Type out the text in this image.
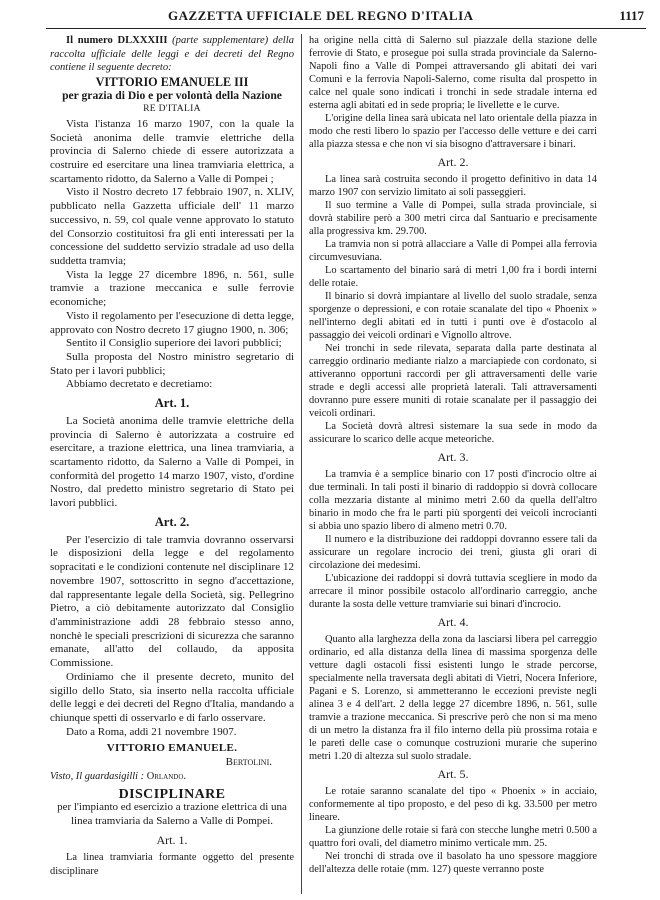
GAZZETTA UFFICIALE DEL REGNO D'ITALIA	1117

Il numero DLXXXIII (parte supplementare) della raccolta ufficiale delle leggi e dei decreti del Regno contiene il seguente decreto:

VITTORIO EMANUELE III

per grazia di Dio e per volontà della Nazione

RE D'ITALIA

Vista l'istanza 16 marzo 1907, con la quale la Società anonima delle tramvie elettriche della provincia di Salerno chiede di essere autorizzata a costruire ed esercitare una linea tramviaria elettrica, a scartamento ridotto, da Salerno a Valle di Pompei ;

Visto il Nostro decreto 17 febbraio 1907, n. XLIV, pubblicato nella Gazzetta ufficiale dell' 11 marzo successivo, n. 59, col quale venne approvato lo statuto del Consorzio costituitosi fra gli enti interessati per la concessione del suddetto servizio stradale ad uso della suddetta tramvia;

Vista la legge 27 dicembre 1896, n. 561, sulle tramvie a trazione meccanica e sulle ferrovie economiche;

Visto il regolamento per l'esecuzione di detta legge, approvato con Nostro decreto 17 giugno 1900, n. 306;

Sentito il Consiglio superiore dei lavori pubblici;

Sulla proposta del Nostro ministro segretario di Stato per i lavori pubblici;

Abbiamo decretato e decretiamo:

Art. 1.

La Società anonima delle tramvie elettriche della provincia di Salerno è autorizzata a costruire ed esercitare, a trazione elettrica, una linea tramviaria, a scartamento ridotto, da Salerno a Valle di Pompei, in conformità del progetto 14 marzo 1907, visto, d'ordine Nostro, dal predetto ministro segretario di Stato pei lavori pubblici.

Art. 2.

Per l'esercizio di tale tramvia dovranno osservarsi le disposizioni della legge e del regolamento sopracitati e le condizioni contenute nel disciplinare 12 novembre 1907, sottoscritto in segno d'accettazione, dal rappresentante legale della Società, sig. Pellegrino Pietro, a ciò debitamente autorizzato dal Consiglio d'amministrazione addì 28 febbraio stesso anno, nonchè le speciali prescrizioni di sicurezza che saranno emanate, all'atto del collaudo, da apposita Commissione.

Ordiniamo che il presente decreto, munito del sigillo dello Stato, sia inserto nella raccolta ufficiale delle leggi e dei decreti del Regno d'Italia, mandando a chiunque spetti di osservarlo e di farlo osservare.

Dato a Roma, addì 21 novembre 1907.

VITTORIO EMANUELE.

Bertolini.

Visto, Il guardasigilli : Orlando.

DISCIPLINARE

per l'impianto ed esercizio a trazione elettrica di una linea tramviaria da Salerno a Valle di Pompei.

Art. 1.

La linea tramviaria formante oggetto del presente disciplinare

ha origine nella città di Salerno sul piazzale della stazione delle ferrovie di Stato, e prosegue poi sulla strada provinciale da Salerno-Napoli fino a Valle di Pompei attraversando gli abitati dei vari Comuni e la ferrovia Napoli-Salerno, come risulta dal prospetto in calce nel quale sono indicati i tronchi in sede stradale interna ed esterna agli abitati ed in sede propria; le livellette e le curve.

L'origine della linea sarà ubicata nel lato orientale della piazza in modo che resti libero lo spazio per l'accesso delle vetture e dei carri alla piazza stessa e che non vi sia bisogno d'attraversare i binari.

Art. 2.

La linea sarà costruita secondo il progetto definitivo in data 14 marzo 1907 con servizio limitato ai soli passeggieri.

Il suo termine a Valle di Pompei, sulla strada provinciale, si dovrà stabilire però a 300 metri circa dal Santuario e precisamente alla progressiva km. 29.700.

La tramvia non si potrà allacciare a Valle di Pompei alla ferrovia circumvesuviana.

Lo scartamento del binario sarà di metri 1,00 fra i bordi interni delle rotaie.

Il binario si dovrà impiantare al livello del suolo stradale, senza sporgenze o depressioni, e con rotaie scanalate del tipo « Phoenix » nell'interno degli abitati ed in tutti i punti ove è d'ostacolo al passaggio dei veicoli ordinari e Vignollo altrove.

Nei tronchi in sede rilevata, separata dalla parte destinata al carreggio ordinario mediante rialzo a marciapiede con cordonato, si attiveranno opportuni raccordi per gli attraversamenti delle varie strade e degli accessi alle proprietà laterali. Tali attraversamenti dovranno pure essere muniti di rotaie scanalate per il passaggio dei veicoli ordinari.

La Società dovrà altresì sistemare la sua sede in modo da assicurare lo scarico delle acque meteoriche.

Art. 3.

La tramvia è a semplice binario con 17 posti d'incrocio oltre ai due terminali. In tali posti il binario di raddoppio si dovrà collocare colla mezzaria distante al minimo metri 2.60 da quella dell'altro binario in modo che fra le parti più sporgenti dei veicoli incrocianti si abbia uno spazio libero di almeno metri 0.70.

Il numero e la distribuzione dei raddoppi dovranno essere tali da assicurare un regolare incrocio dei treni, giusta gli orari di circolazione dei medesimi.

L'ubicazione dei raddoppi si dovrà tuttavia scegliere in modo da arrecare il minor possibile ostacolo all'ordinario carreggio, anche durante la sosta delle vetture tramviarie sui binari d'incrocio.

Art. 4.

Quanto alla larghezza della zona da lasciarsi libera pel carreggio ordinario, ed alla distanza della linea di massima sporgenza delle vetture dagli ostacoli fissi esistenti lungo le strade percorse, specialmente nella traversata degli abitati di Vietri, Nocera Inferiore, Pagani e S. Lorenzo, si ammetteranno le eccezioni previste negli alinea 3 e 4 dell'art. 2 della legge 27 dicembre 1896, n. 561, sulle tramvie a trazione meccanica. Si prescrive però che non si ma meno di un metro la distanza fra il filo interno della più prossima rotaia e le pareti delle case o comunque costruzioni murarie che superino metri 1.20 di altezza sul suolo stradale.

Art. 5.

Le rotaie saranno scanalate del tipo « Phoenix » in acciaio, conformemente al tipo proposto, e del peso di kg. 33.500 per metro lineare.

La giunzione delle rotaie si farà con stecche lunghe metri 0.500 a quattro fori ovali, del diametro minimo verticale mm. 25.

Nei tronchi di strada ove il basolato ha uno spessore maggiore dell'altezza delle rotaie (mm. 127) queste verranno poste
